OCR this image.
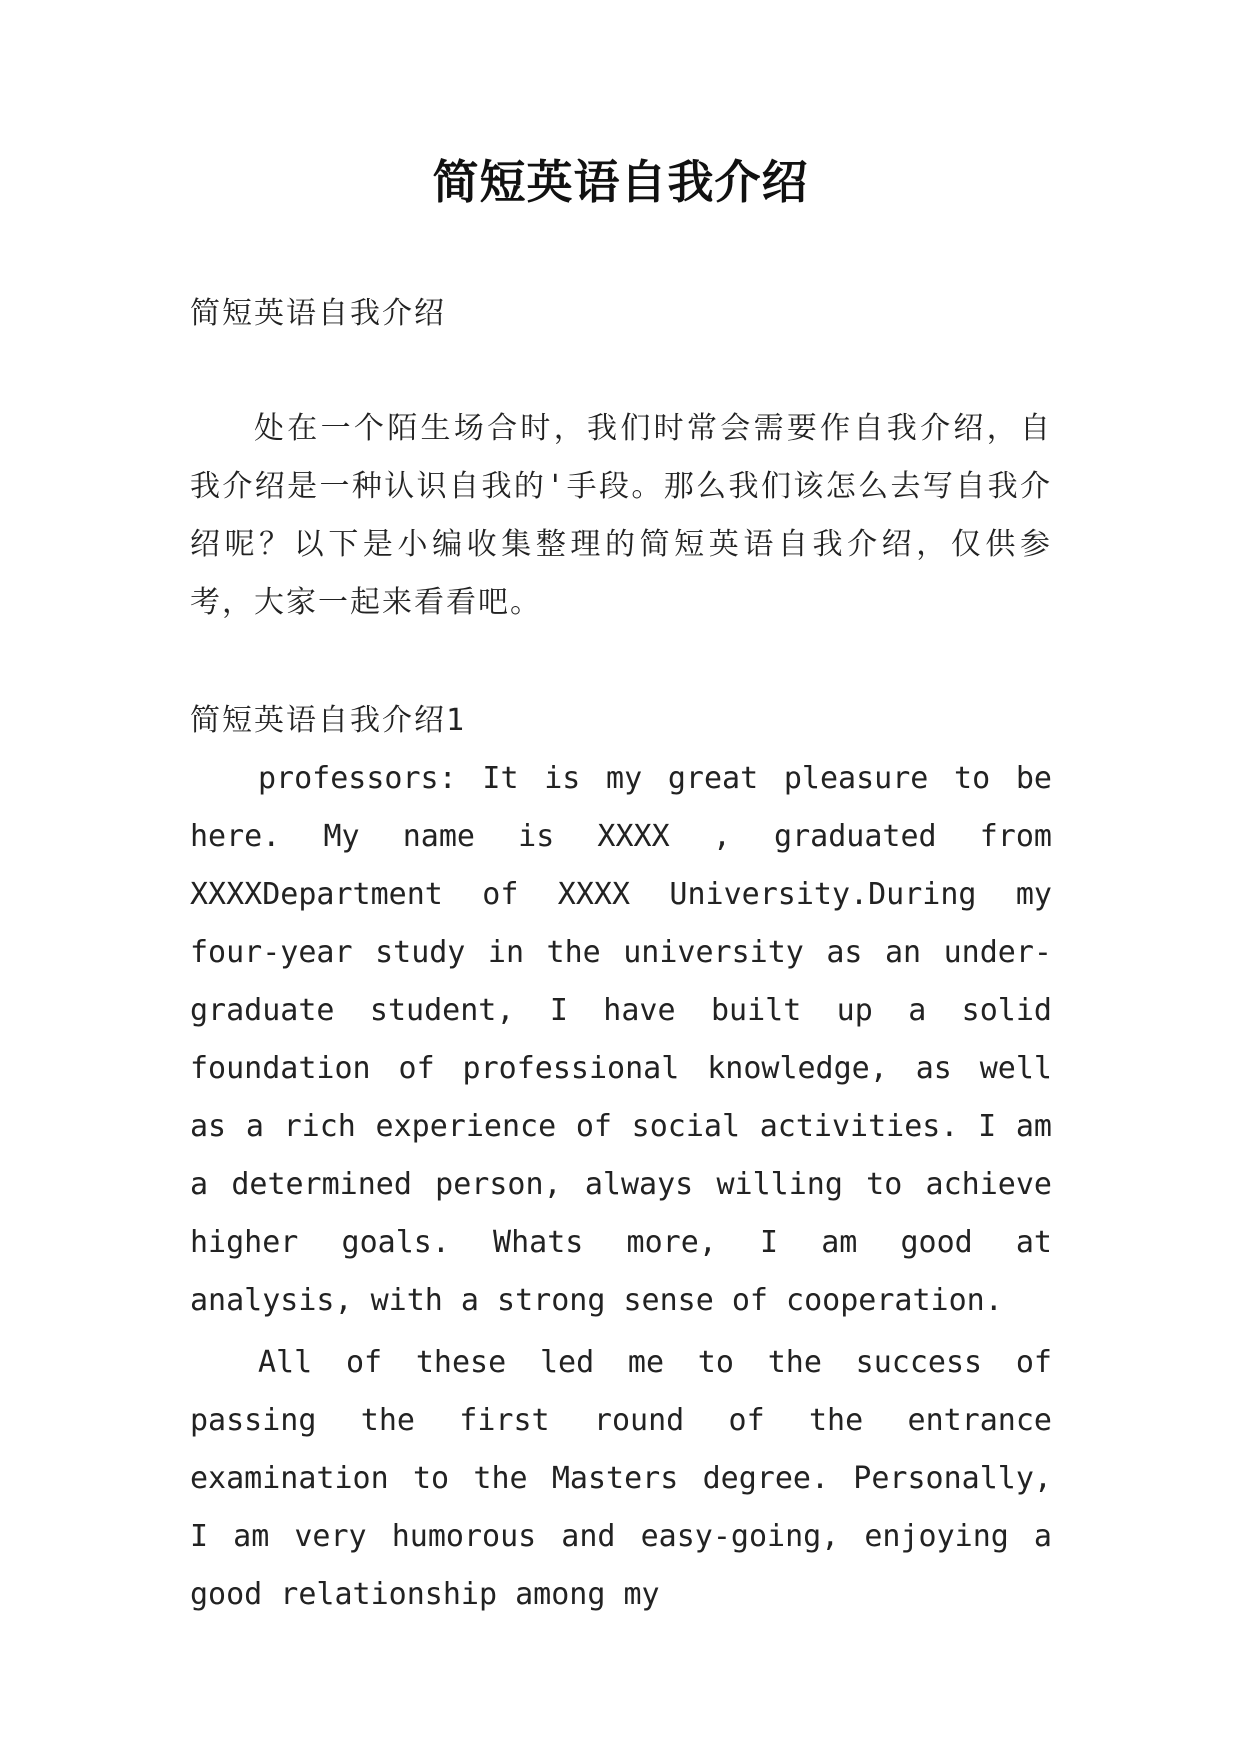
简短英语自我介绍

简短英语自我介绍

处在一个陌生场合时，我们时常会需要作自我介绍，自我介绍是一种认识自我的'手段。那么我们该怎么去写自我介绍呢？以下是小编收集整理的简短英语自我介绍，仅供参考，大家一起来看看吧。

简短英语自我介绍1

professors: It is my great pleasure to be here. My name is XXXX , graduated from XXXXDepartment of XXXX University.During my four-year study in the university as an under-graduate student, I have built up a solid foundation of professional knowledge, as well as a rich experience of social activities. I am a determined person, always willing to achieve higher goals. Whats more, I am good at analysis, with a strong sense of cooperation.

All of these led me to the success of passing the first round of the entrance examination to the Masters degree. Personally, I am very humorous and easy-going, enjoying a good relationship among my
